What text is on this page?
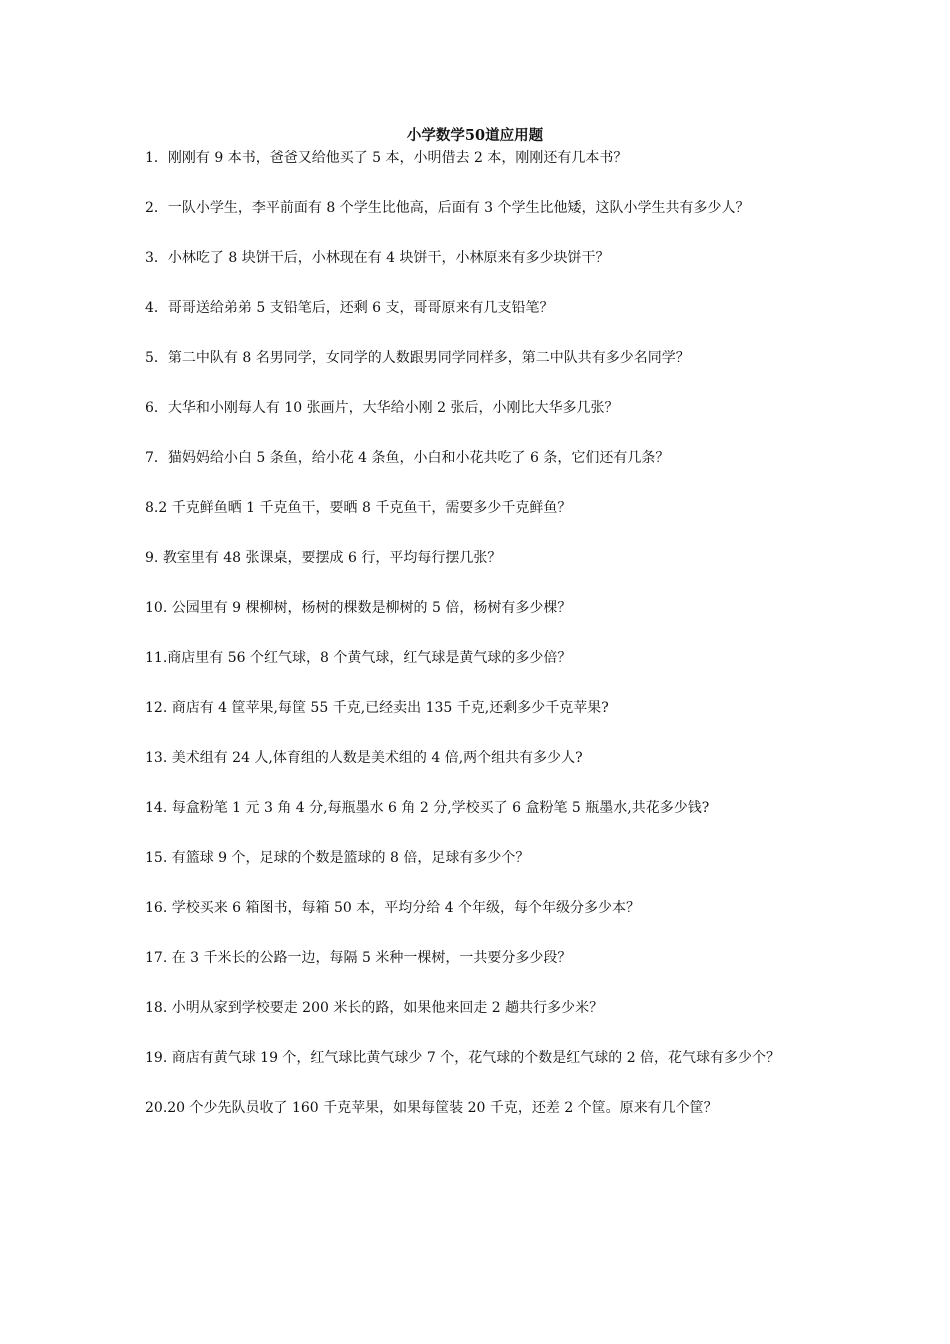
小学数学50道应用题
1．刚刚有 9 本书，爸爸又给他买了 5 本，小明借去 2 本，刚刚还有几本书？
2．一队小学生，李平前面有 8 个学生比他高，后面有 3 个学生比他矮，这队小学生共有多少人？
3．小林吃了 8 块饼干后，小林现在有 4 块饼干，小林原来有多少块饼干？
4．哥哥送给弟弟 5 支铅笔后，还剩 6 支，哥哥原来有几支铅笔？
5．第二中队有 8 名男同学，女同学的人数跟男同学同样多，第二中队共有多少名同学？
6．大华和小刚每人有 10 张画片，大华给小刚 2 张后，小刚比大华多几张？
7．猫妈妈给小白 5 条鱼，给小花 4 条鱼，小白和小花共吃了 6 条，它们还有几条？
8.2 千克鲜鱼晒 1 千克鱼干，要晒 8 千克鱼干，需要多少千克鲜鱼？
9. 教室里有 48 张课桌，要摆成 6 行，平均每行摆几张？
10. 公园里有 9 棵柳树，杨树的棵数是柳树的 5 倍，杨树有多少棵？
11.商店里有 56 个红气球，8 个黄气球，红气球是黄气球的多少倍？
12. 商店有 4 筐苹果,每筐 55 千克,已经卖出 135 千克,还剩多少千克苹果?
13. 美术组有 24 人,体育组的人数是美术组的 4 倍,两个组共有多少人?
14. 每盒粉笔 1 元 3 角 4 分,每瓶墨水 6 角 2 分,学校买了 6 盒粉笔 5 瓶墨水,共花多少钱?
15. 有篮球 9 个，足球的个数是篮球的 8 倍，足球有多少个？
16. 学校买来 6 箱图书，每箱 50 本，平均分给 4 个年级，每个年级分多少本？
17. 在 3 千米长的公路一边，每隔 5 米种一棵树，一共要分多少段？
18. 小明从家到学校要走 200 米长的路，如果他来回走 2 趟共行多少米？
19. 商店有黄气球 19 个，红气球比黄气球少 7 个，花气球的个数是红气球的 2 倍，花气球有多少个？
20.20 个少先队员收了 160 千克苹果，如果每筐装 20 千克，还差 2 个筐。原来有几个筐？
